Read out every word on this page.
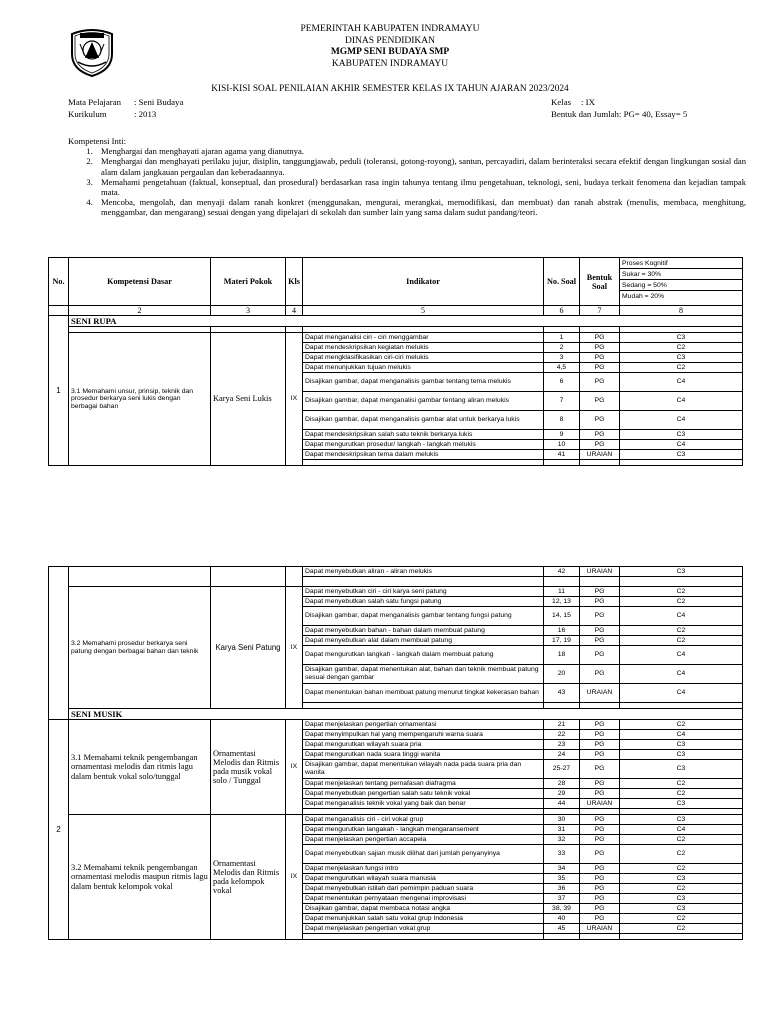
PEMERINTAH KABUPATEN INDRAMAYU
DINAS PENDIDIKAN
MGMP SENI BUDAYA SMP
KABUPATEN INDRAMAYU
KISI-KISI SOAL PENILAIAN AKHIR SEMESTER KELAS IX TAHUN AJARAN 2023/2024
Mata Pelajaran : Seni Budaya
Kurikulum	: 2013
Kelas : IX
Bentuk dan Jumlah: PG= 40, Essay= 5
Kompetensi Inti:
1. Menghargai dan menghayati ajaran agama yang dianutnya.
2. Menghargai dan menghayati perilaku jujur, disiplin, tanggungjawab, peduli (toleransi, gotong-royong), santun, percayadiri, dalam berinteraksi secara efektif dengan lingkungan sosial dan alam dalam jangkauan pergaulan dan keberadaannya.
3. Memahami pengetahuan (faktual, konseptual, dan prosedural) berdasarkan rasa ingin tahunya tentang ilmu pengetahuan, teknologi, seni, budaya terkait fenomena dan kejadian tampak mata.
4. Mencoba, mengolah, dan menyaji dalam ranah konkret (menggunakan, mengurai, merangkai, memodifikasi, dan membuat) dan ranah abstrak (menulis, membaca, menghitung, menggambar, dan mengarang) sesuai dengan yang dipelajari di sekolah dan sumber lain yang sama dalam sudut pandang/teori.
No.	Kompetensi Dasar	Materi Pokok	Kls	Indikator	No. Soal	Bentuk Soal	
Proses Kognitif
Sukar = 30%
Sedang = 50%
Mudah = 20%

	2	3	4	5	6	7	8
1	SENI RUPA

3.1 Memahami unsur, prinsip, teknik dan prosedur berkarya seni lukis dengan berbagai bahan	Karya Seni Lukis	IX	Dapat menganalisi ciri - ciri menggambar	1	PG	C3
Dapat mendeskripsikan kegiatan melukis	2	PG	C2
Dapat mengklasifikasikan ciri-ciri melukis	3	PG	C3
Dapat menunjukkan tujuan melukis	4,5	PG	C2
Disajikan gambar, dapat menganalisis gambar tentang tema melukis	6	PG	C4
Disajikan gambar, dapat menganalisi gambar tentang aliran melukis	7	PG	C4
Disajikan gambar, dapat menganalisis gambar alat untuk berkarya lukis	8	PG	C4
Dapat mendeskripsikan salah satu teknik berkarya lukis	9	PG	C3
Dapat mengurutkan prosedur/ langkah - langkah melukis	10	PG	C4
Dapat mendeskripsikan tema dalam melukis	41	URAIAN	C3

				Dapat menyebutkan aliran - aliran melukis	42	URAIAN	C3

	3.2 Memahami prosedur berkarya seni patung dengan berbagai bahan dan teknik	Karya Seni Patung	IX	Dapat menyebutkan ciri - ciri karya seni patung	11	PG	C2
				Dapat menyebutkan salah satu fungsi patung	12, 13	PG	C2
				Disajikan gambar, dapat menganalisis gambar tentang fungsi patung	14, 15	PG	C4
				Dapat menyebutkan bahan - bahan dalam membuat patung	16	PG	C2
				Dapat menyebutkan alat dalam membuat patung	17, 19	PG	C2
				Dapat mengurutkan langkah - langkah dalam membuat patung	18	PG	C4
				Disajikan gambar, dapat menentukan alat, bahan dan teknik membuat patung sesuai dengan gambar	20	PG	C4
				Dapat menentukan bahan membuat patung menurut tingkat kekerasan bahan	43	URAIAN	C4

	SENI MUSIK						
2	3.1 Memahami teknik pengembangan ornamentasi melodis dan ritmis lagu dalam bentuk vokal solo/tunggal	Ornamentasi Melodis dan Ritmis pada musik vokal solo / Tunggal	IX	Dapat menjelaskan pengertian ornamentasi	21	PG	C2
				Dapat menyimpulkan hal yang mempengaruhi warna suara	22	PG	C4
				Dapat mengurutkan wilayah suara pria	23	PG	C3
				Dapat mengurutkan nada suara tinggi wanita	24	PG	C3
				Disajikan gambar, dapat menentukan wilayah nada pada suara pria dan wanita	25-27	PG	C3
				Dapat menjelaskan tentang pernafasan diafragma	28	PG	C2
				Dapat menyebutkan pengertian salah satu teknik vokal	29	PG	C2
				Dapat menganalisis teknik vokal yang baik dan benar	44	URAIAN	C3

	3.2 Memahami teknik pengembangan ornamentasi melodis maupun ritmis lagu dalam bentuk kelompok vokal	Ornamentasi Melodis dan Ritmis pada kelompok vokal	IX	Dapat menganalisis ciri - ciri vokal grup	30	PG	C3
				Dapat mengurutkan langakah - langkah mengaransement	31	PG	C4
				Dapat menjelaskan pengertian accapela	32	PG	C2
				Dapat menyebutkan sajian musik dilihat dari jumlah penyanyinya	33	PG	C2
				Dapat menjelaskan fungsi intro	34	PG	C2
				Dapat mengurutkan wilayah suara manusia	35	PG	C3
				Dapat menyebutkan istilah dari pemimpin paduan suara	36	PG	C2
				Dapat menentukan pernyataan mengenai improvisasi	37	PG	C3
				Disajikan gambar, dapat membaca notasi angka	38, 39	PG	C3
				Dapat menunjukkan salah satu vokal grup Indonesia	40	PG	C2
				Dapat menjelaskan pengertian vokal grup	45	URAIAN	C2
